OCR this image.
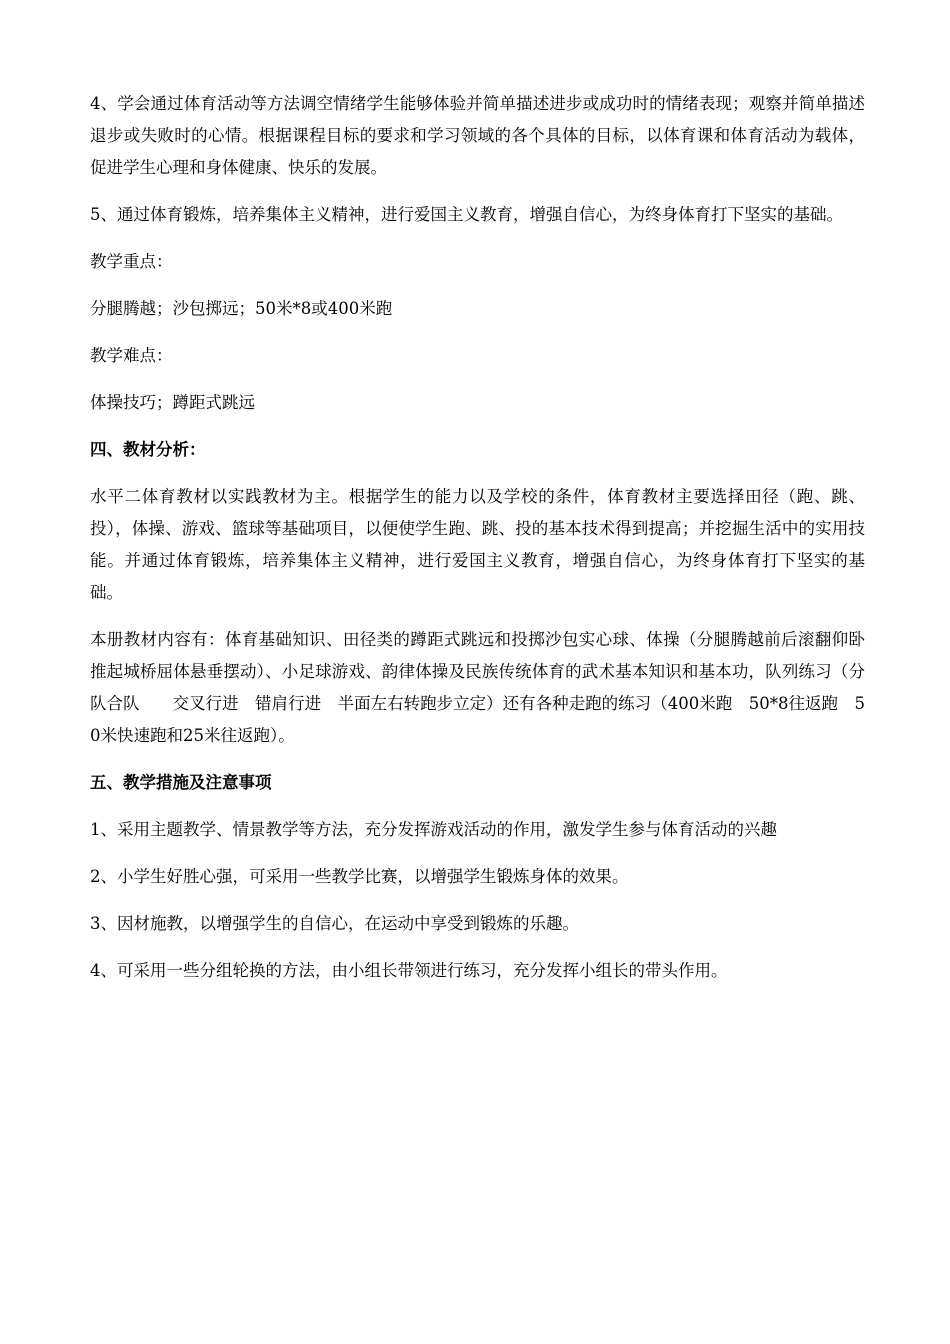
4、学会通过体育活动等方法调空情绪学生能够体验并简单描述进步或成功时的情绪表现；观察并简单描述退步或失败时的心情。根据课程目标的要求和学习领域的各个具体的目标，以体育课和体育活动为载体，促进学生心理和身体健康、快乐的发展。

5、通过体育锻炼，培养集体主义精神，进行爱国主义教育，增强自信心，为终身体育打下坚实的基础。

教学重点：

分腿腾越；沙包掷远；50米*8或400米跑

教学难点：

体操技巧；蹲距式跳远

四、教材分析：

水平二体育教材以实践教材为主。根据学生的能力以及学校的条件，体育教材主要选择田径（跑、跳、投），体操、游戏、篮球等基础项目，以便使学生跑、跳、投的基本技术得到提高；并挖掘生活中的实用技能。并通过体育锻炼，培养集体主义精神，进行爱国主义教育，增强自信心，为终身体育打下坚实的基础。

本册教材内容有：体育基础知识、田径类的蹲距式跳远和投掷沙包实心球、体操（分腿腾越前后滚翻仰卧推起城桥屈体悬垂摆动）、小足球游戏、韵律体操及民族传统体育的武术基本知识和基本功，队列练习（分队合队　　交叉行进　错肩行进　半面左右转跑步立定）还有各种走跑的练习（400米跑　50*8往返跑　50米快速跑和25米往返跑）。

五、教学措施及注意事项

1、采用主题教学、情景教学等方法，充分发挥游戏活动的作用，激发学生参与体育活动的兴趣

2、小学生好胜心强，可采用一些教学比赛，以增强学生锻炼身体的效果。

3、因材施教，以增强学生的自信心，在运动中享受到锻炼的乐趣。

4、可采用一些分组轮换的方法，由小组长带领进行练习，充分发挥小组长的带头作用。
